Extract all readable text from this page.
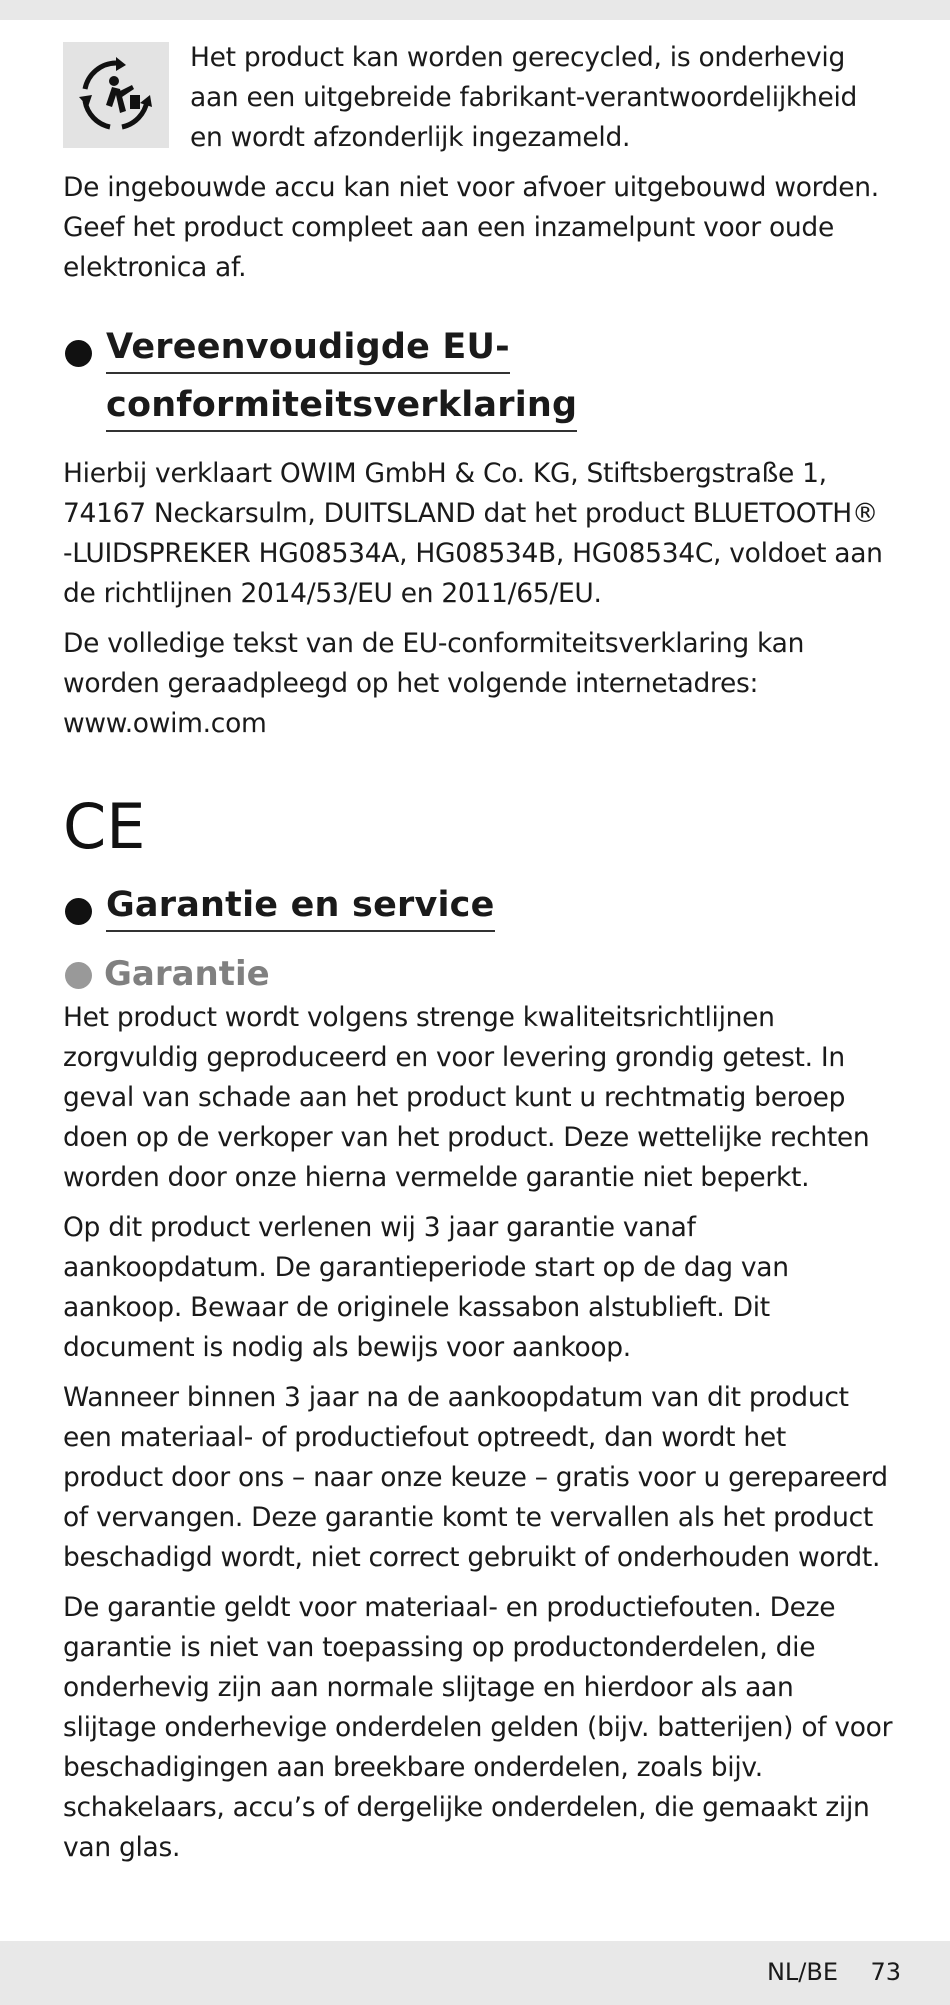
Het product kan worden gerecycled, is onderhevig aan een uitgebreide fabrikant-verantwoordelijkheid en wordt afzonderlijk ingezameld.

De ingebouwde accu kan niet voor afvoer uitgebouwd worden. Geef het product compleet aan een inzamelpunt voor oude elektronica af.

Vereenvoudigde EU-
conformiteitsverklaring

Hierbij verklaart OWIM GmbH & Co. KG, Stiftsbergstraße 1, 74167 Neckarsulm, DUITSLAND dat het product BLUETOOTH® -LUIDSPREKER HG08534A, HG08534B, HG08534C, voldoet aan de richtlijnen 2014/53/EU en 2011/65/EU.

De volledige tekst van de EU-conformiteitsverklaring kan worden geraadpleegd op het volgende internetadres: www.owim.com

CE
Garantie en service
Garantie

Het product wordt volgens strenge kwaliteitsrichtlijnen zorgvuldig geproduceerd en voor levering grondig getest. In geval van schade aan het product kunt u rechtmatig beroep doen op de verkoper van het product. Deze wettelijke rechten worden door onze hierna vermelde garantie niet beperkt.

Op dit product verlenen wij 3 jaar garantie vanaf aankoopdatum. De garantieperiode start op de dag van aankoop. Bewaar de originele kassabon alstublieft. Dit document is nodig als bewijs voor aankoop.

Wanneer binnen 3 jaar na de aankoopdatum van dit product een materiaal- of productiefout optreedt, dan wordt het product door ons – naar onze keuze – gratis voor u gerepareerd of vervangen. Deze garantie komt te vervallen als het product beschadigd wordt, niet correct gebruikt of onderhouden wordt.

De garantie geldt voor materiaal- en productiefouten. Deze garantie is niet van toepassing op productonderdelen, die onderhevig zijn aan normale slijtage en hierdoor als aan slijtage onderhevige onderdelen gelden (bijv. batterijen) of voor beschadigingen aan breekbare onderdelen, zoals bijv. schakelaars, accu’s of dergelijke onderdelen, die gemaakt zijn van glas.

NL/BE 73
